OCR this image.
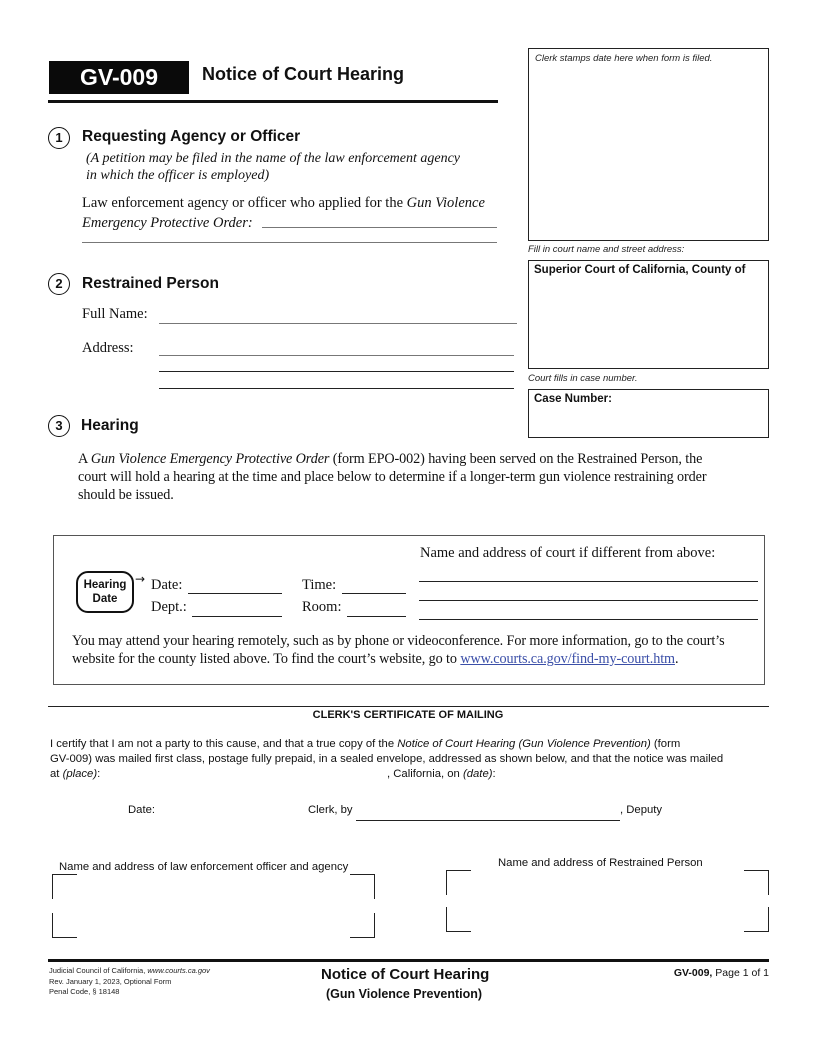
GV-009	Notice of Court Hearing
Clerk stamps date here when form is filed.
Fill in court name and street address:
Superior Court of California, County of
Court fills in case number.
Case Number:
1	Requesting Agency or Officer
(A petition may be filed in the name of the law enforcement agency
in which the officer is employed)
Law enforcement agency or officer who applied for the Gun Violence
Emergency Protective Order:
2	Restrained Person
Full Name:
Address:
3	Hearing
A Gun Violence Emergency Protective Order (form EPO-002) having been served on the Restrained Person, the
court will hold a hearing at the time and place below to determine if a longer-term gun violence restraining order
should be issued.
Hearing
Date
→ Date:	Time:
Dept.:	Room:
Name and address of court if different from above:
You may attend your hearing remotely, such as by phone or videoconference. For more information, go to the court’s
website for the county listed above. To find the court’s website, go to www.courts.ca.gov/find-my-court.htm.
CLERK'S CERTIFICATE OF MAILING
I certify that I am not a party to this cause, and that a true copy of the Notice of Court Hearing (Gun Violence Prevention) (form
GV-009) was mailed first class, postage fully prepaid, in a sealed envelope, addressed as shown below, and that the notice was mailed
at (place):	, California, on (date):
Date:	Clerk, by	, Deputy
Name and address of law enforcement officer and agency	Name and address of Restrained Person
Judicial Council of California, www.courts.ca.gov
Rev. January 1, 2023, Optional Form
Penal Code, § 18148
Notice of Court Hearing
(Gun Violence Prevention)
GV-009, Page 1 of 1
